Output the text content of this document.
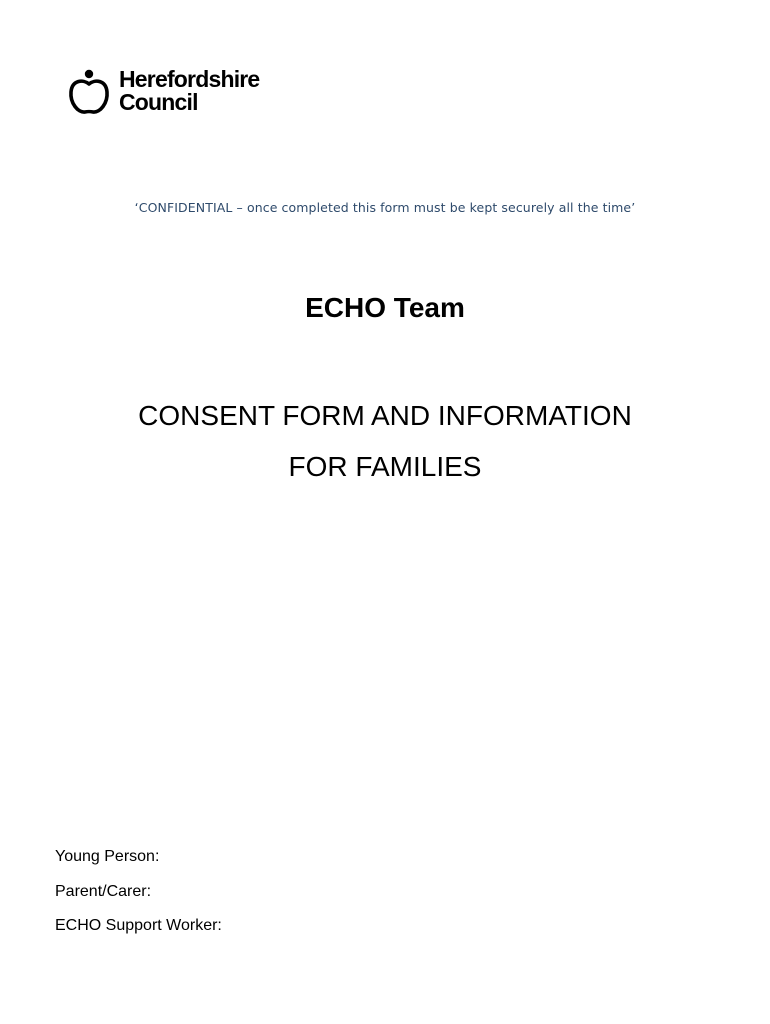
Herefordshire
Council
‘CONFIDENTIAL – once completed this form must be kept securely all the time’
ECHO Team
CONSENT FORM AND INFORMATION
FOR FAMILIES
Young Person:
Parent/Carer:
ECHO Support Worker:
